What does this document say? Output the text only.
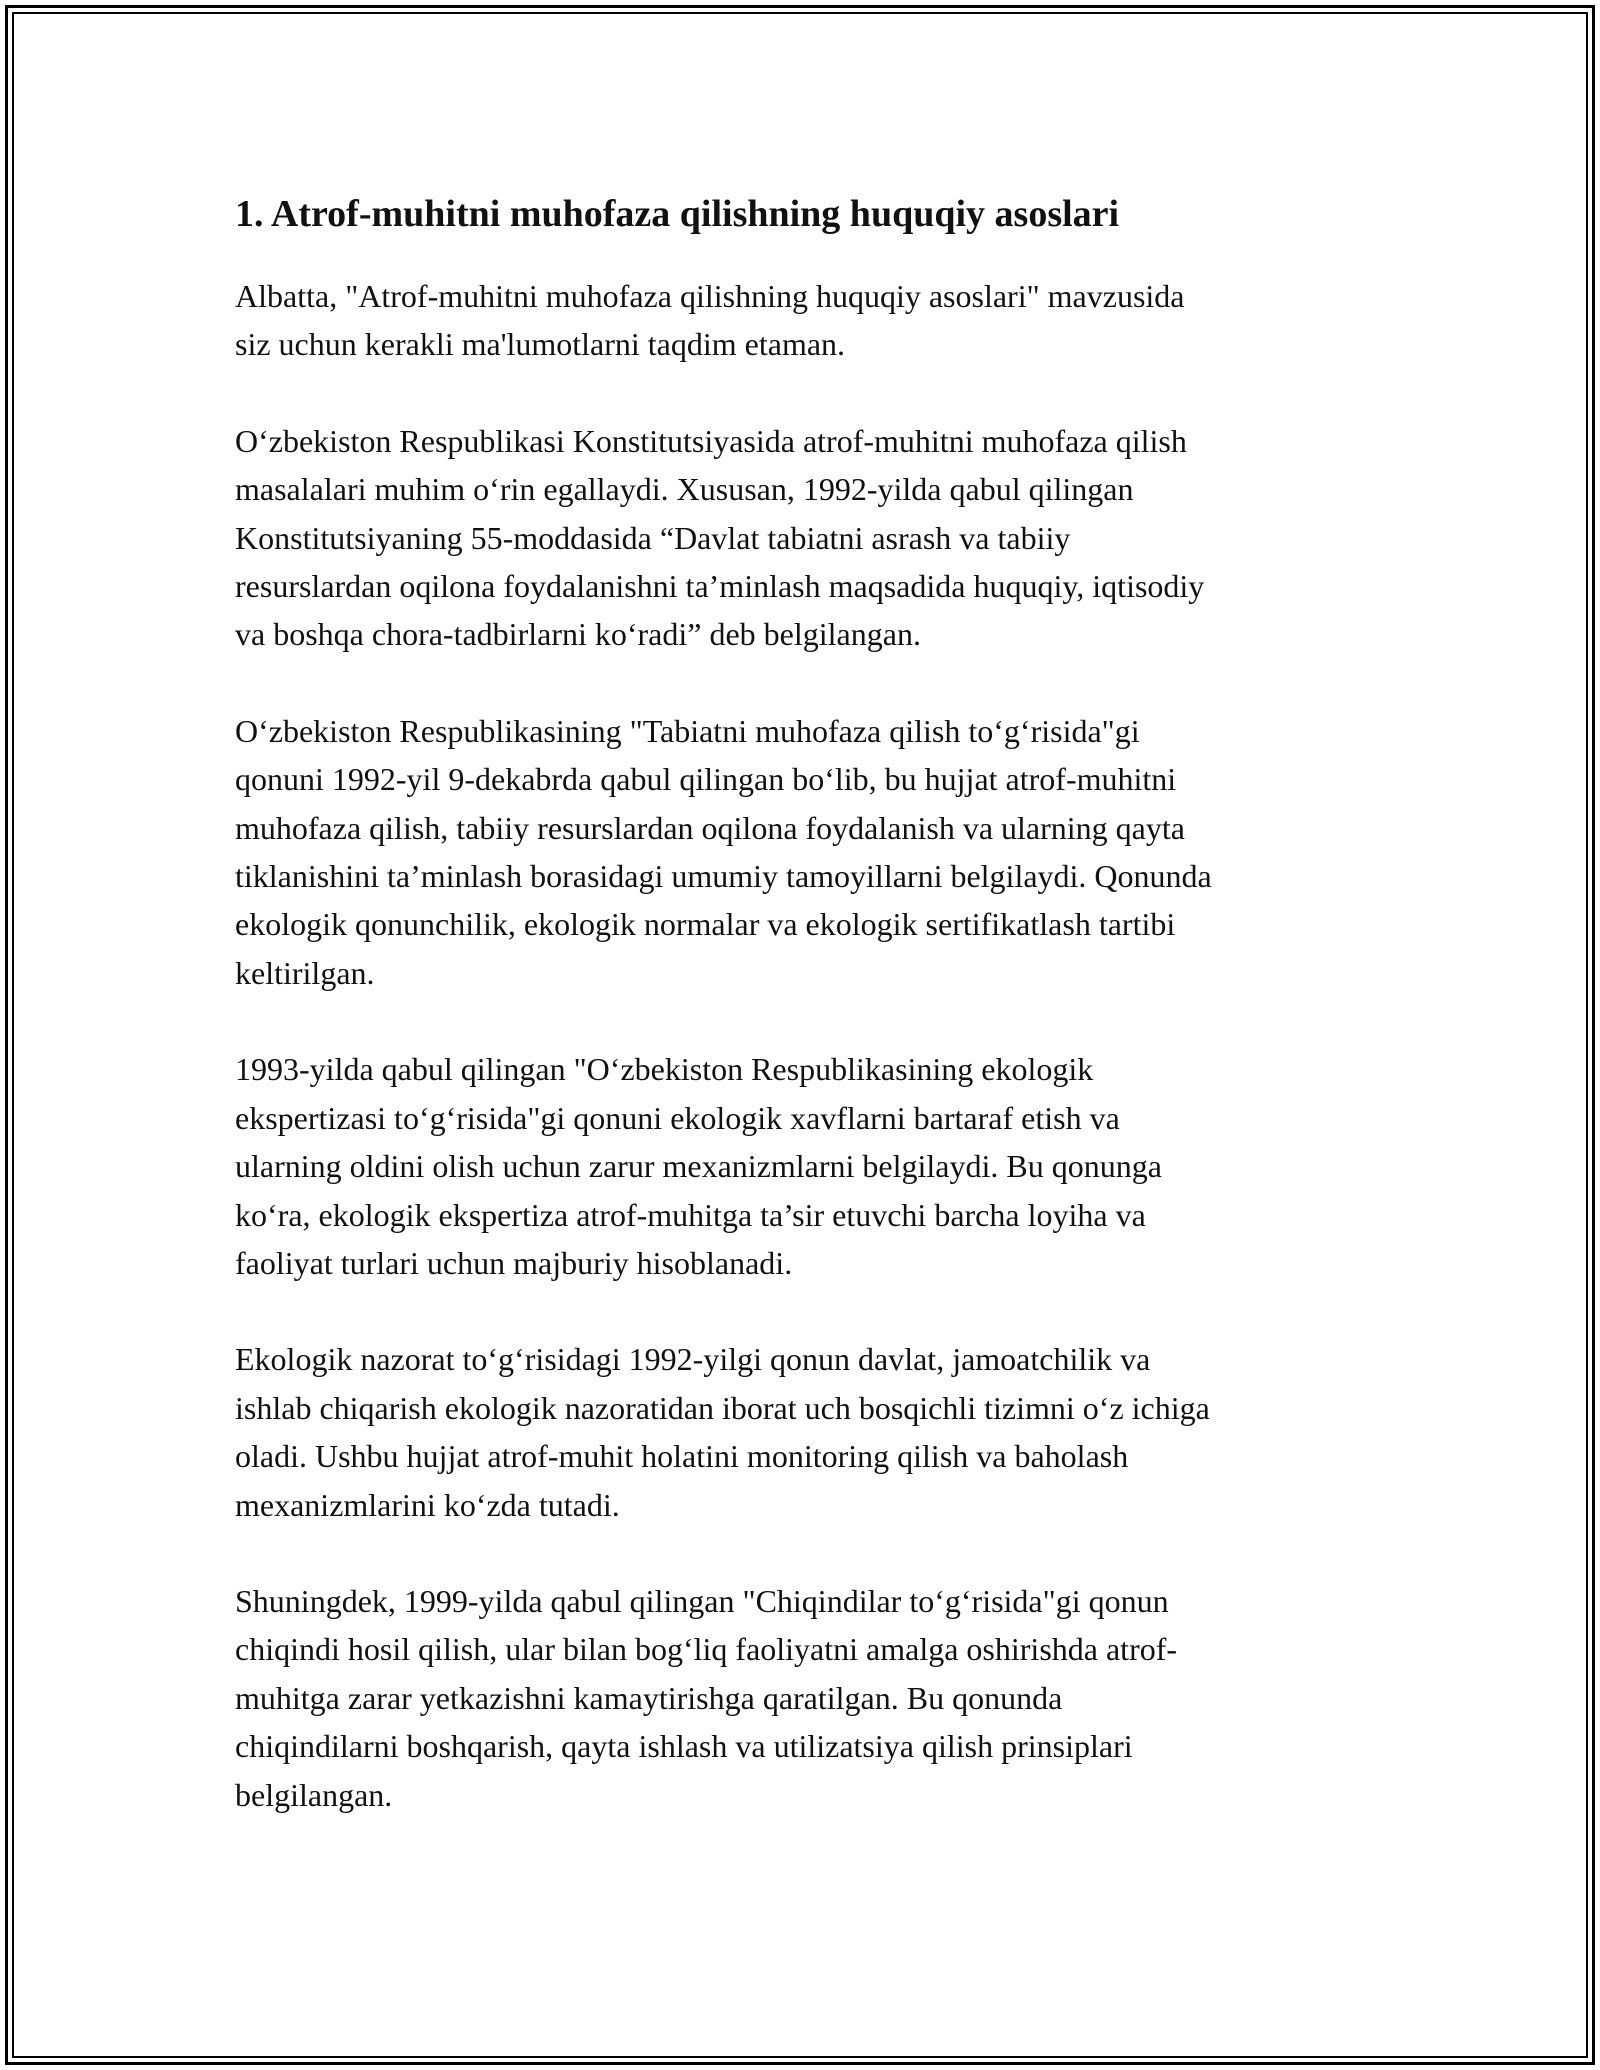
1. Atrof-muhitni muhofaza qilishning huquqiy asoslari

Albatta, "Atrof-muhitni muhofaza qilishning huquqiy asoslari" mavzusida
siz uchun kerakli ma'lumotlarni taqdim etaman.

O‘zbekiston Respublikasi Konstitutsiyasida atrof-muhitni muhofaza qilish
masalalari muhim o‘rin egallaydi. Xususan, 1992-yilda qabul qilingan
Konstitutsiyaning 55-moddasida “Davlat tabiatni asrash va tabiiy
resurslardan oqilona foydalanishni ta’minlash maqsadida huquqiy, iqtisodiy
va boshqa chora-tadbirlarni ko‘radi” deb belgilangan.

O‘zbekiston Respublikasining "Tabiatni muhofaza qilish to‘g‘risida"gi
qonuni 1992-yil 9-dekabrda qabul qilingan bo‘lib, bu hujjat atrof-muhitni
muhofaza qilish, tabiiy resurslardan oqilona foydalanish va ularning qayta
tiklanishini ta’minlash borasidagi umumiy tamoyillarni belgilaydi. Qonunda
ekologik qonunchilik, ekologik normalar va ekologik sertifikatlash tartibi
keltirilgan.

1993-yilda qabul qilingan "O‘zbekiston Respublikasining ekologik
ekspertizasi to‘g‘risida"gi qonuni ekologik xavflarni bartaraf etish va
ularning oldini olish uchun zarur mexanizmlarni belgilaydi. Bu qonunga
ko‘ra, ekologik ekspertiza atrof-muhitga ta’sir etuvchi barcha loyiha va
faoliyat turlari uchun majburiy hisoblanadi.

Ekologik nazorat to‘g‘risidagi 1992-yilgi qonun davlat, jamoatchilik va
ishlab chiqarish ekologik nazoratidan iborat uch bosqichli tizimni o‘z ichiga
oladi. Ushbu hujjat atrof-muhit holatini monitoring qilish va baholash
mexanizmlarini ko‘zda tutadi.

Shuningdek, 1999-yilda qabul qilingan "Chiqindilar to‘g‘risida"gi qonun
chiqindi hosil qilish, ular bilan bog‘liq faoliyatni amalga oshirishda atrof-
muhitga zarar yetkazishni kamaytirishga qaratilgan. Bu qonunda
chiqindilarni boshqarish, qayta ishlash va utilizatsiya qilish prinsiplari
belgilangan.
